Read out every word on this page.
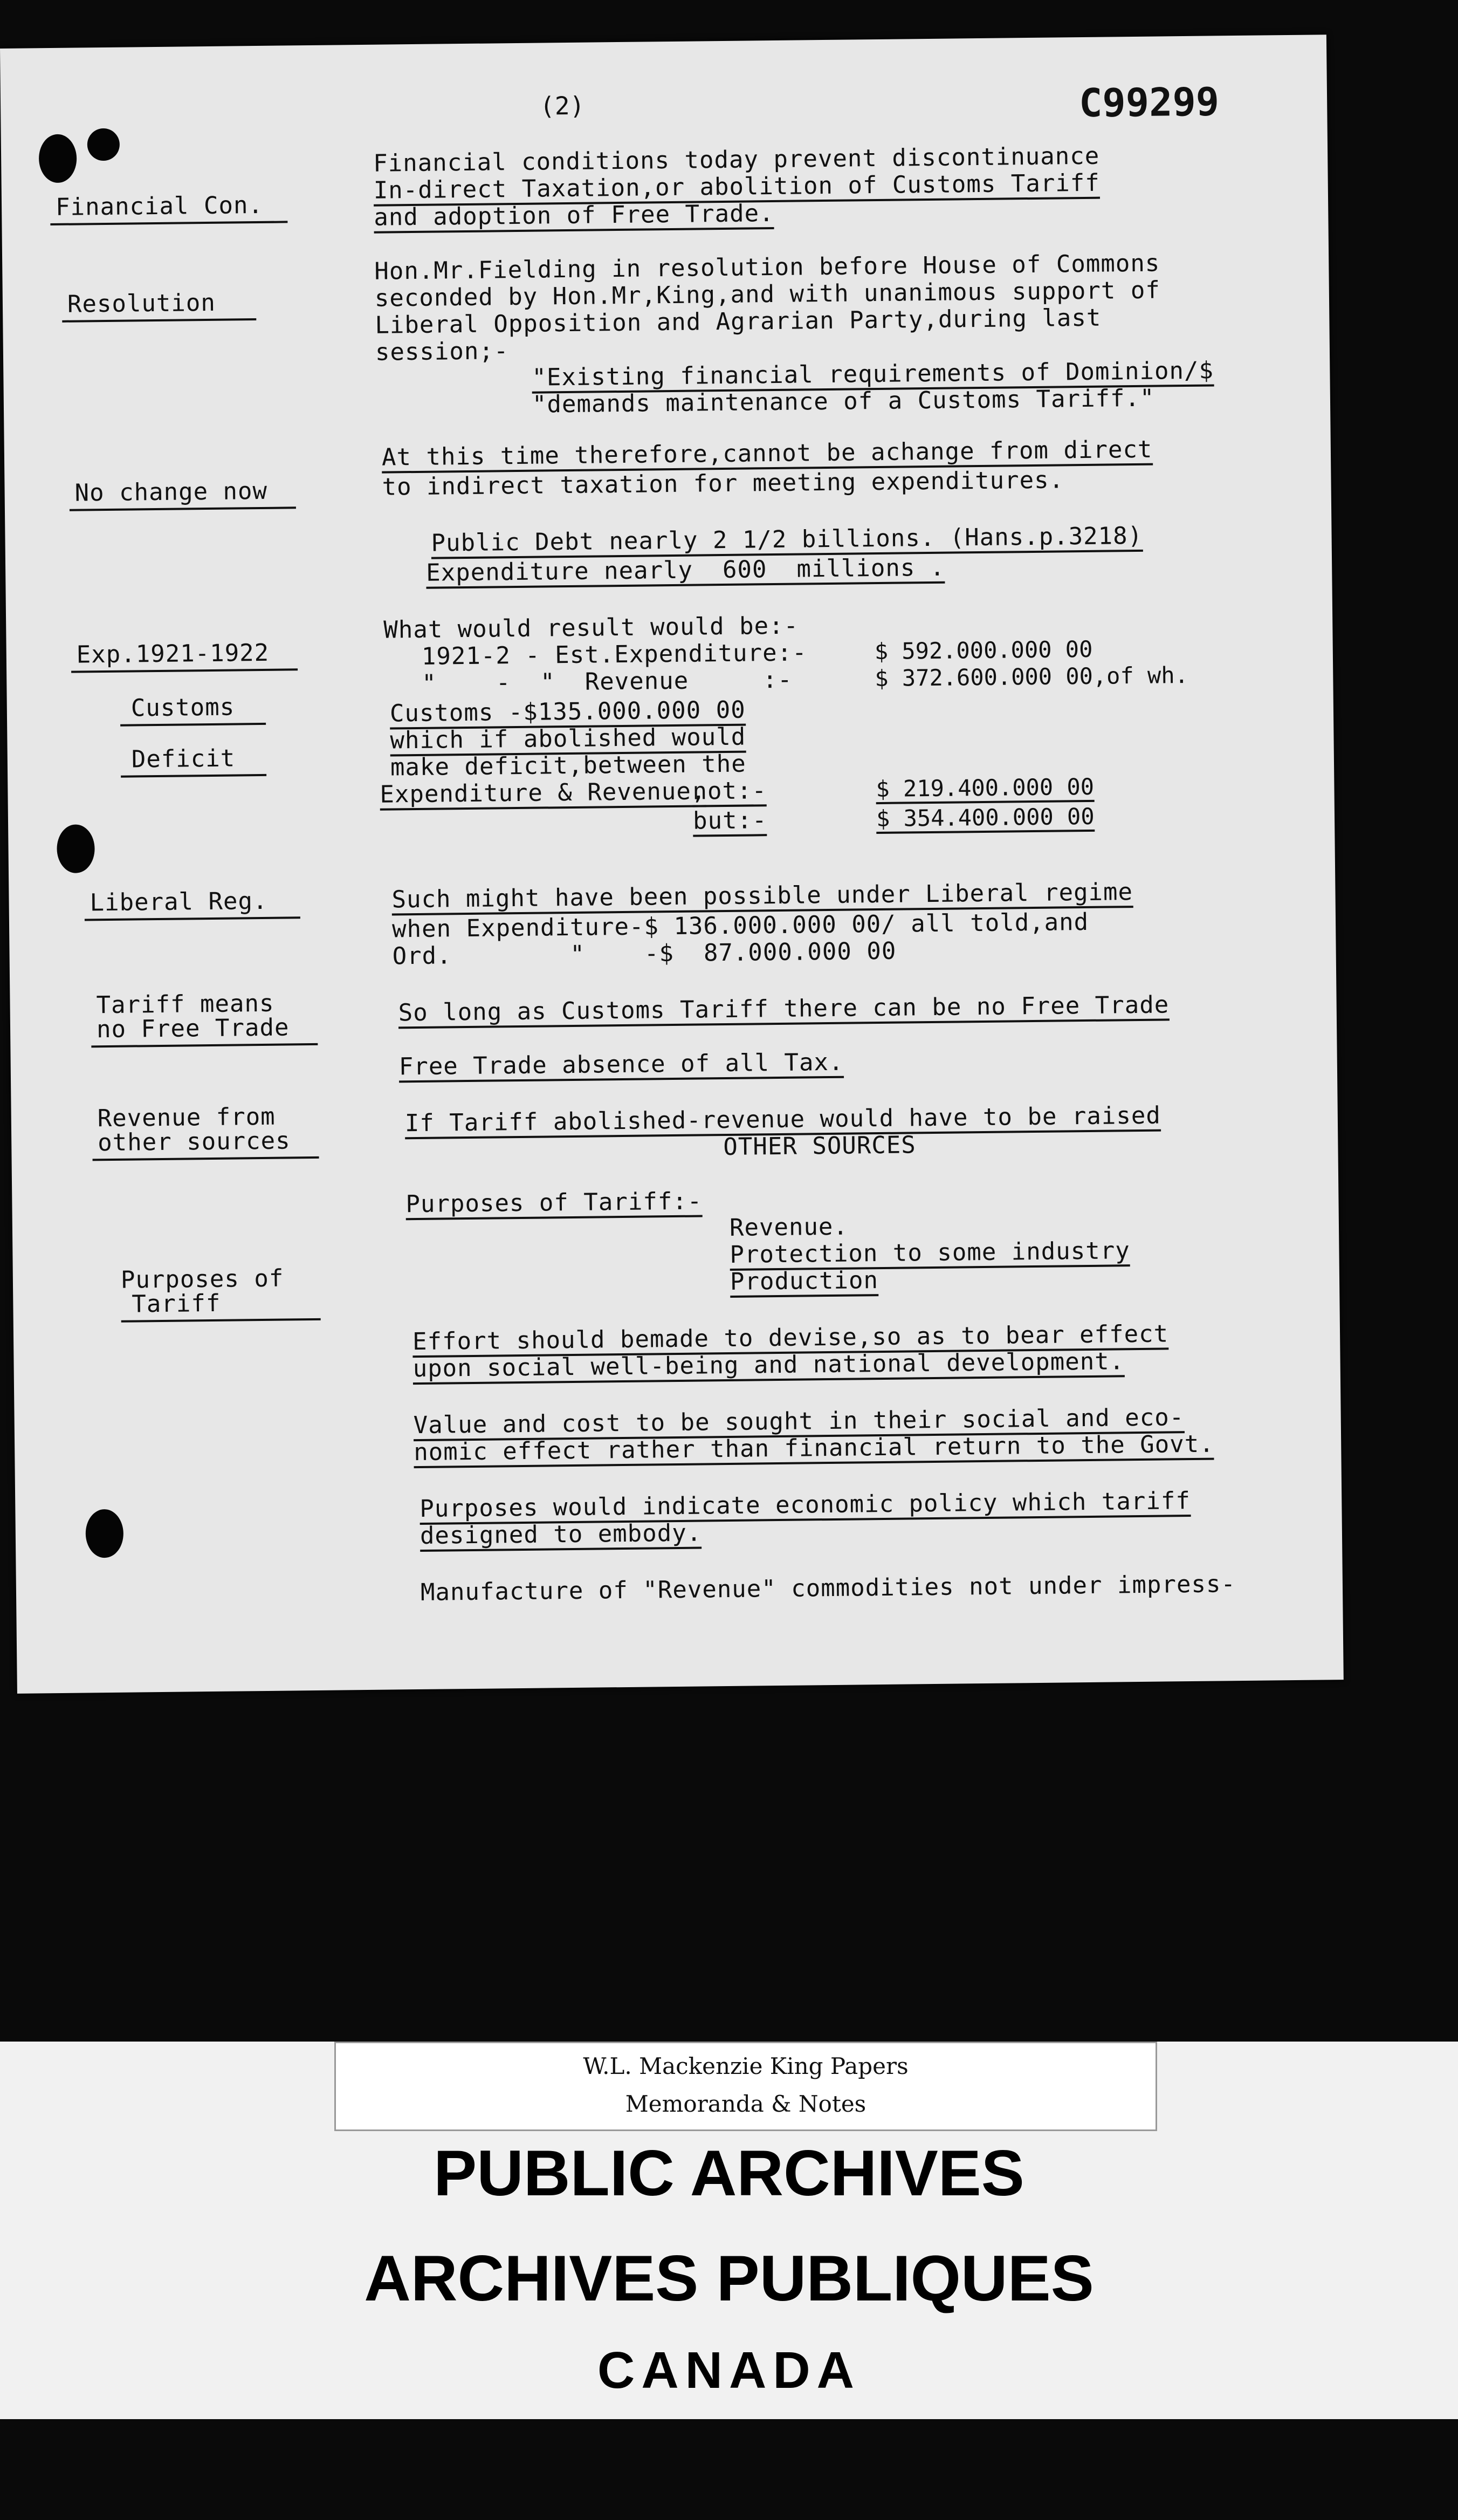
(2)	C99299
Financial Con.
Resolution
No change now
Exp.1921-1922
Customs
Deficit
Liberal Reg.
Tariff means
no Free Trade
Revenue from
other sources
Purposes of
Tariff
Financial conditions today prevent discontinuance
In-direct Taxation,or abolition of Customs Tariff
and adoption of Free Trade.
Hon.Mr.Fielding in resolution before House of Commons
seconded by Hon.Mr,King,and with unanimous support of
Liberal Opposition and Agrarian Party,during last
session;-
"Existing financial requirements of Dominion/$
"demands maintenance of a Customs Tariff."
At this time therefore,cannot be achange from direct
to indirect taxation for meeting expenditures.
Public Debt nearly 2 1/2 billions. (Hans.p.3218)
Expenditure nearly  600  millions .
What would result would be:-
1921-2 - Est.Expenditure:-
"    -  "  Revenue     :-
$ 592.000.000 00
$ 372.600.000 00,of wh.
Customs -$135.000.000 00
which if abolished would
make deficit,between the
Expenditure & Revenue,
not:-
but:-
$ 219.400.000 00
$ 354.400.000 00
Such might have been possible under Liberal regime
when Expenditure-$ 136.000.000 00/ all told,and
Ord.        "    -$  87.000.000 00
So long as Customs Tariff there can be no Free Trade
Free Trade absence of all Tax.
If Tariff abolished-revenue would have to be raised
OTHER SOURCES
Purposes of Tariff:-
Revenue.
Protection to some industry
Production
Effort should bemade to devise,so as to bear effect
upon social well-being and national development.
Value and cost to be sought in their social and eco-
nomic effect rather than financial return to the Govt.
Purposes would indicate economic policy which tariff
designed to embody.
Manufacture of "Revenue" commodities not under impress-
W.L. Mackenzie King Papers
Memoranda & Notes
PUBLIC ARCHIVES
ARCHIVES PUBLIQUES
CANADA
